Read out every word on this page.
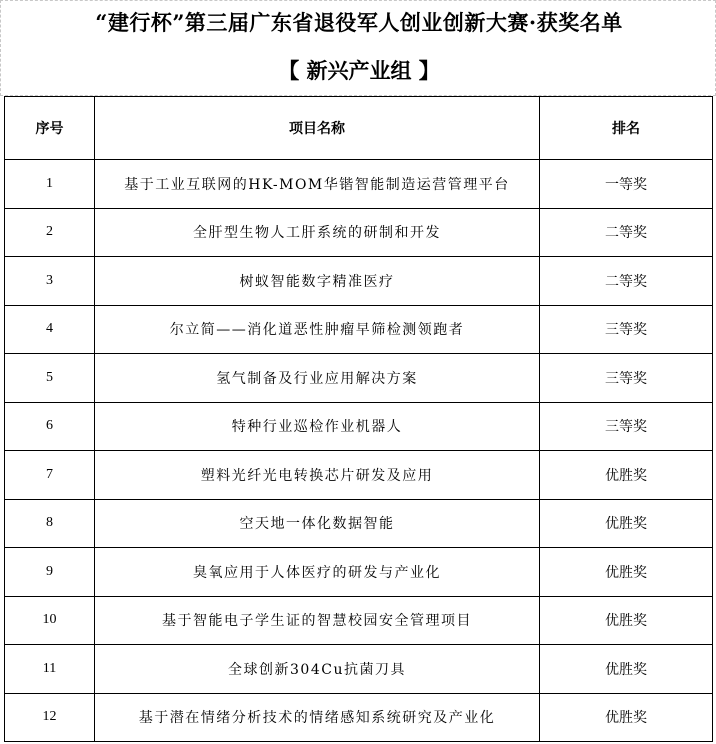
“建行杯”第三届广东省退役军人创业创新大赛·获奖名单
【 新兴产业组 】
序号	项目名称	排名
1	基于工业互联网的HK-MOM华锴智能制造运营管理平台	一等奖
2	全肝型生物人工肝系统的研制和开发	二等奖
3	树蚁智能数字精准医疗	二等奖
4	尔立简——消化道恶性肿瘤早筛检测领跑者	三等奖
5	氢气制备及行业应用解决方案	三等奖
6	特种行业巡检作业机器人	三等奖
7	塑料光纤光电转换芯片研发及应用	优胜奖
8	空天地一体化数据智能	优胜奖
9	臭氧应用于人体医疗的研发与产业化	优胜奖
10	基于智能电子学生证的智慧校园安全管理项目	优胜奖
11	全球创新304Cu抗菌刀具	优胜奖
12	基于潜在情绪分析技术的情绪感知系统研究及产业化	优胜奖
